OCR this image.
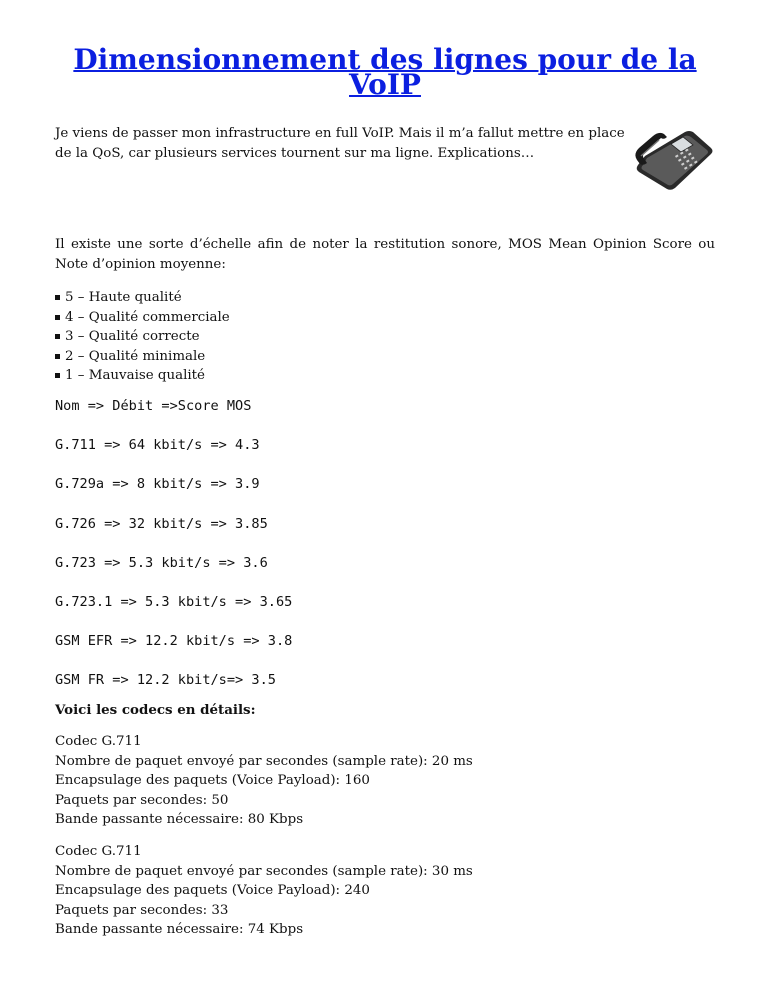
Dimensionnement des lignes pour de la VoIP

Je viens de passer mon infrastructure en full VoIP. Mais il m’a fallut mettre en place de la QoS, car plusieurs services tournent sur ma ligne. Explications…

Il existe une sorte d’échelle afin de noter la restitution sonore, MOS Mean Opinion Score ou Note d’opinion moyenne:

5 – Haute qualité
4 – Qualité commerciale
3 – Qualité correcte
2 – Qualité minimale
1 – Mauvaise qualité
Nom => Débit =>Score MOS
G.711 => 64 kbit/s => 4.3
G.729a => 8 kbit/s => 3.9
G.726 => 32 kbit/s => 3.85
G.723 => 5.3 kbit/s => 3.6
G.723.1 => 5.3 kbit/s => 3.65
GSM EFR => 12.2 kbit/s => 3.8
GSM FR => 12.2 kbit/s=> 3.5

Voici les codecs en détails:

Codec G.711
Nombre de paquet envoyé par secondes (sample rate): 20 ms
Encapsulage des paquets (Voice Payload): 160
Paquets par secondes: 50
Bande passante nécessaire: 80 Kbps
Codec G.711
Nombre de paquet envoyé par secondes (sample rate): 30 ms
Encapsulage des paquets (Voice Payload): 240
Paquets par secondes: 33
Bande passante nécessaire: 74 Kbps
